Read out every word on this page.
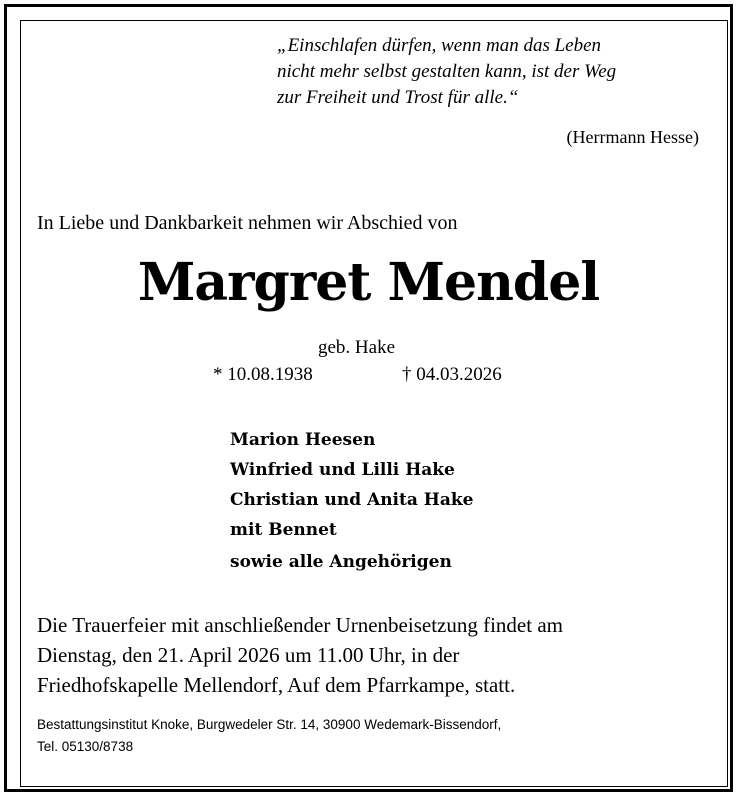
„Einschlafen dürfen, wenn man das Leben
nicht mehr selbst gestalten kann, ist der Weg
zur Freiheit und Trost für alle.“
(Herrmann Hesse)
In Liebe und Dankbarkeit nehmen wir Abschied von
Margret Mendel
geb. Hake
* 10.08.1938	† 04.03.2026
Marion Heesen
Winfried und Lilli Hake
Christian und Anita Hake
mit Bennet
sowie alle Angehörigen
Die Trauerfeier mit anschließender Urnenbeisetzung findet am
Dienstag, den 21. April 2026 um 11.00 Uhr, in der
Friedhofskapelle Mellendorf, Auf dem Pfarrkampe, statt.
Bestattungsinstitut Knoke, Burgwedeler Str. 14, 30900 Wedemark-Bissendorf,
Tel. 05130/8738
